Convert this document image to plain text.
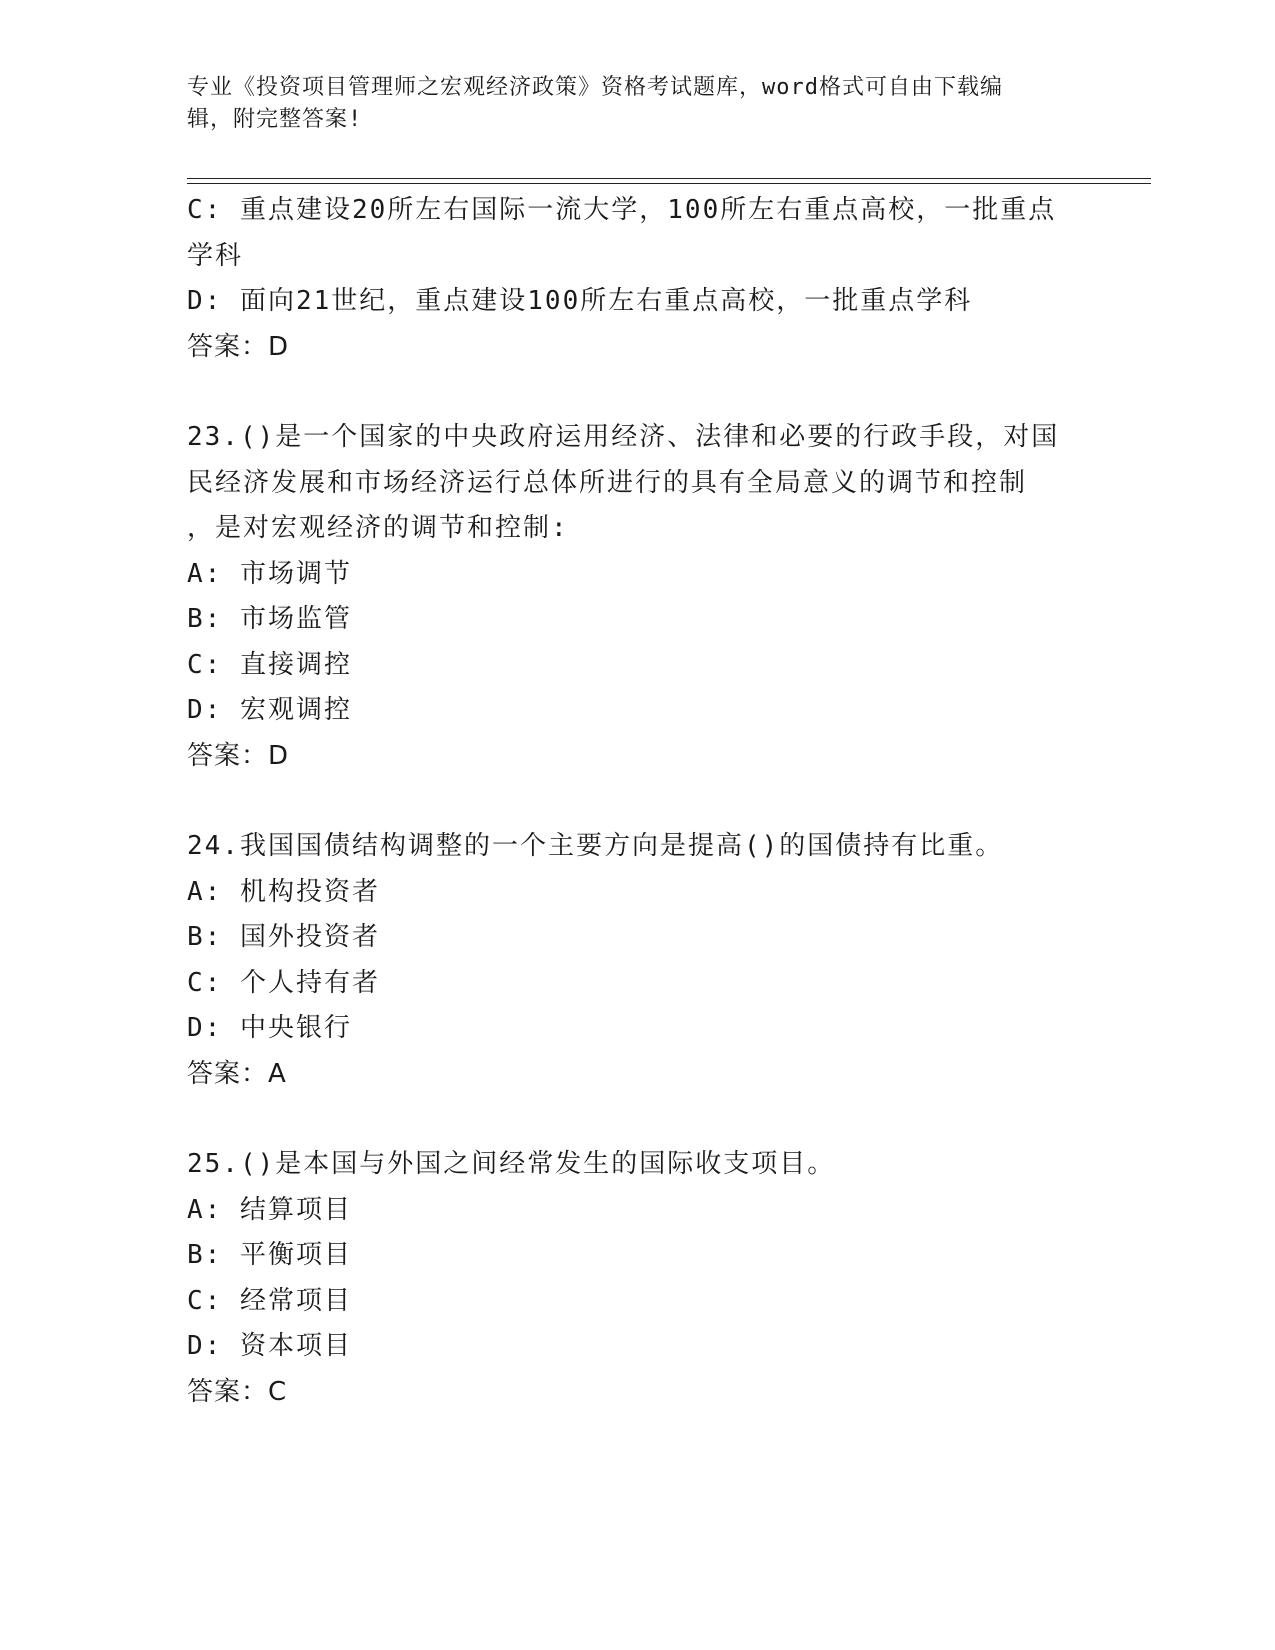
专业《投资项目管理师之宏观经济政策》资格考试题库，word格式可自由下载编
辑，附完整答案!
C: 重点建设20所左右国际一流大学，100所左右重点高校，一批重点
学科
D: 面向21世纪，重点建设100所左右重点高校，一批重点学科
答案：D
23.()是一个国家的中央政府运用经济、法律和必要的行政手段，对国
民经济发展和市场经济运行总体所进行的具有全局意义的调节和控制
，是对宏观经济的调节和控制:
A: 市场调节
B: 市场监管
C: 直接调控
D: 宏观调控
答案：D
24.我国国债结构调整的一个主要方向是提高()的国债持有比重。
A: 机构投资者
B: 国外投资者
C: 个人持有者
D: 中央银行
答案：A
25.()是本国与外国之间经常发生的国际收支项目。
A: 结算项目
B: 平衡项目
C: 经常项目
D: 资本项目
答案：C
